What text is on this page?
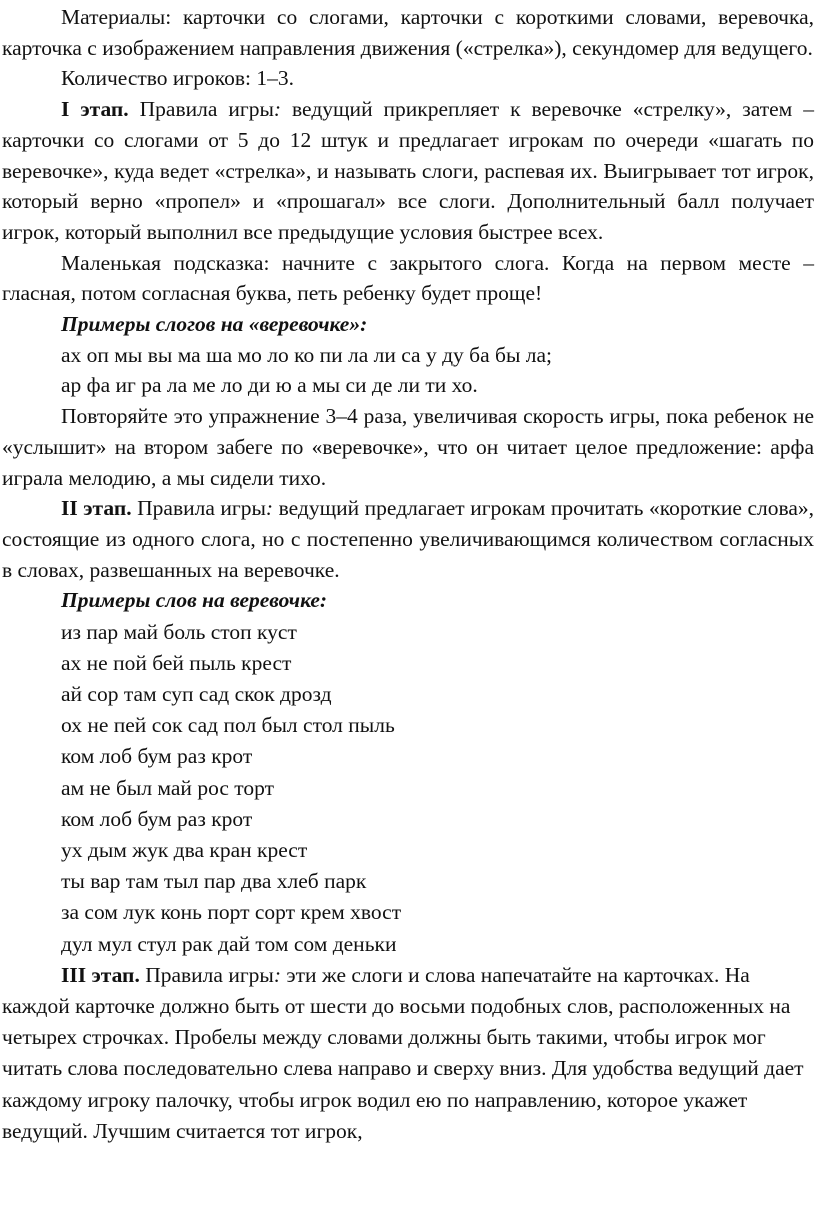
Материалы: карточки со слогами, карточки с короткими словами, веревочка, карточка с изображением направления движения («стрелка»), секундомер для ведущего.

Количество игроков: 1–3.

I этап. Правила игры: ведущий прикрепляет к веревочке «стрелку», затем – карточки со слогами от 5 до 12 штук и предлагает игрокам по очереди «шагать по веревочке», куда ведет «стрелка», и называть слоги, распевая их. Выигрывает тот игрок, который верно «пропел» и «прошагал» все слоги. Дополнительный балл получает игрок, который выполнил все предыдущие условия быстрее всех.

Маленькая подсказка: начните с закрытого слога. Когда на первом месте – гласная, потом согласная буква, петь ребенку будет проще!

Примеры слогов на «веревочке»:

ах оп мы вы ма ша мо ло ко пи ла ли са у ду ба бы ла;
ар фа иг ра ла ме ло ди ю а мы си де ли ти хо.

Повторяйте это упражнение 3–4 раза, увеличивая скорость игры, пока ребенок не «услышит» на втором забеге по «веревочке», что он читает целое предложение: арфа играла мелодию, а мы сидели тихо.

II этап. Правила игры: ведущий предлагает игрокам прочитать «короткие слова», состоящие из одного слога, но с постепенно увеличивающимся количеством согласных в словах, развешанных на веревочке.

Примеры слов на веревочке:

из пар май боль стоп куст
ах не пой бей пыль крест
ай сор там суп сад скок дрозд
ох не пей сок сад пол был стол пыль
ком лоб бум раз крот
ам не был май рос торт
ком лоб бум раз крот
ух дым жук два кран крест
ты вар там тыл пар два хлеб парк
за сом лук конь порт сорт крем хвост
дул мул стул рак дай том сом деньки

III этап. Правила игры: эти же слоги и слова напечатайте на карточках. На каждой карточке должно быть от шести до восьми подобных слов, расположенных на четырех строчках. Пробелы между словами должны быть такими, чтобы игрок мог читать слова последовательно слева направо и сверху вниз. Для удобства ведущий дает каждому игроку палочку, чтобы игрок водил ею по направлению, которое укажет ведущий. Лучшим считается тот игрок,
